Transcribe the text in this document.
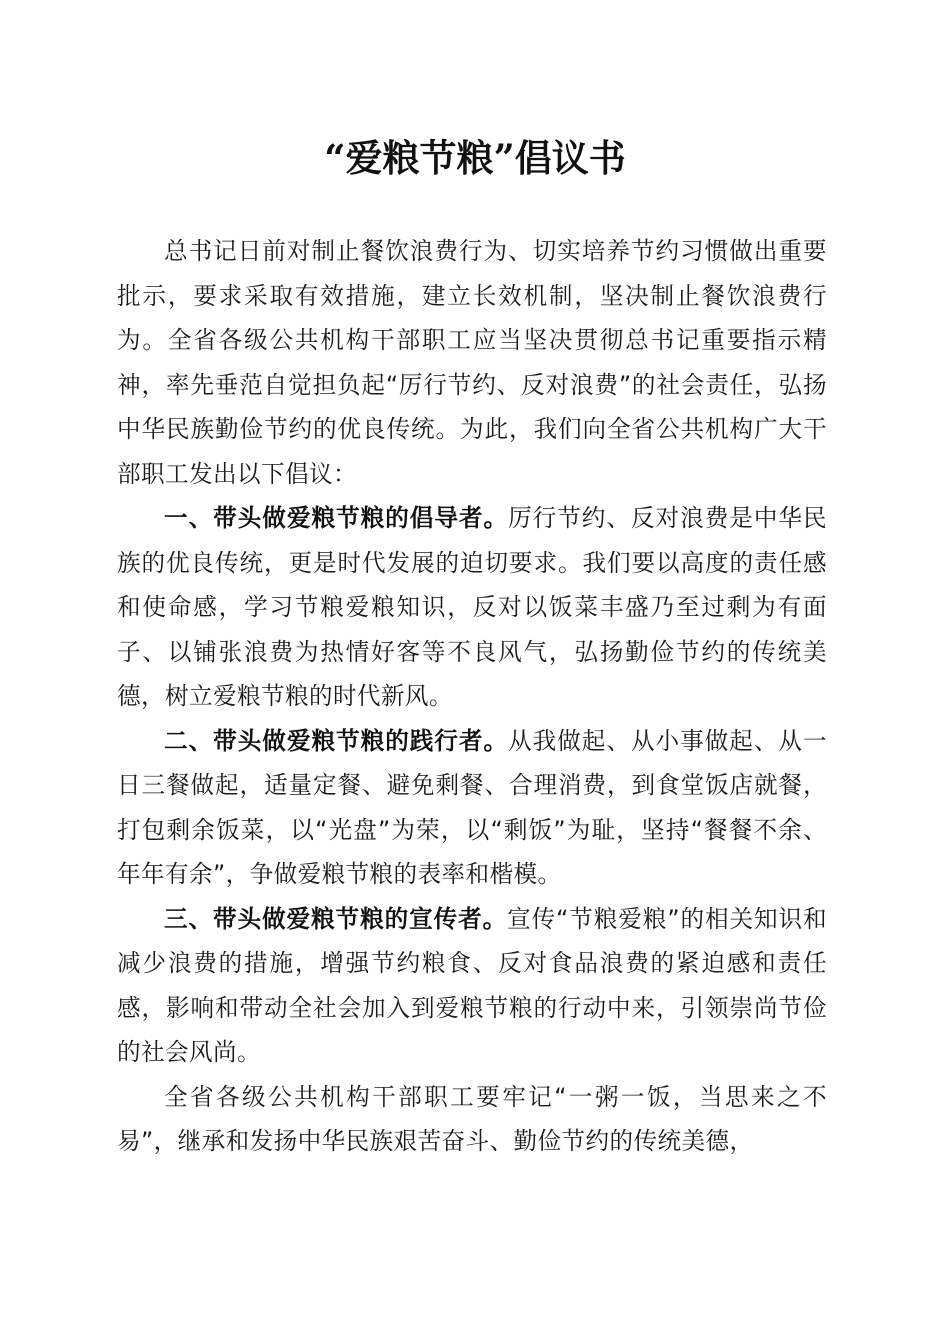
“爱粮节粮”倡议书

总书记日前对制止餐饮浪费行为、切实培养节约习惯做出重要批示，要求采取有效措施，建立长效机制，坚决制止餐饮浪费行为。全省各级公共机构干部职工应当坚决贯彻总书记重要指示精神，率先垂范自觉担负起“厉行节约、反对浪费”的社会责任，弘扬中华民族勤俭节约的优良传统。为此，我们向全省公共机构广大干部职工发出以下倡议：

一、带头做爱粮节粮的倡导者。厉行节约、反对浪费是中华民族的优良传统，更是时代发展的迫切要求。我们要以高度的责任感和使命感，学习节粮爱粮知识，反对以饭菜丰盛乃至过剩为有面子、以铺张浪费为热情好客等不良风气，弘扬勤俭节约的传统美德，树立爱粮节粮的时代新风。

二、带头做爱粮节粮的践行者。从我做起、从小事做起、从一日三餐做起，适量定餐、避免剩餐、合理消费，到食堂饭店就餐，打包剩余饭菜，以“光盘”为荣，以“剩饭”为耻，坚持“餐餐不余、年年有余”，争做爱粮节粮的表率和楷模。

三、带头做爱粮节粮的宣传者。宣传“节粮爱粮”的相关知识和减少浪费的措施，增强节约粮食、反对食品浪费的紧迫感和责任感，影响和带动全社会加入到爱粮节粮的行动中来，引领崇尚节俭的社会风尚。

全省各级公共机构干部职工要牢记“一粥一饭，当思来之不易”，继承和发扬中华民族艰苦奋斗、勤俭节约的传统美德，
